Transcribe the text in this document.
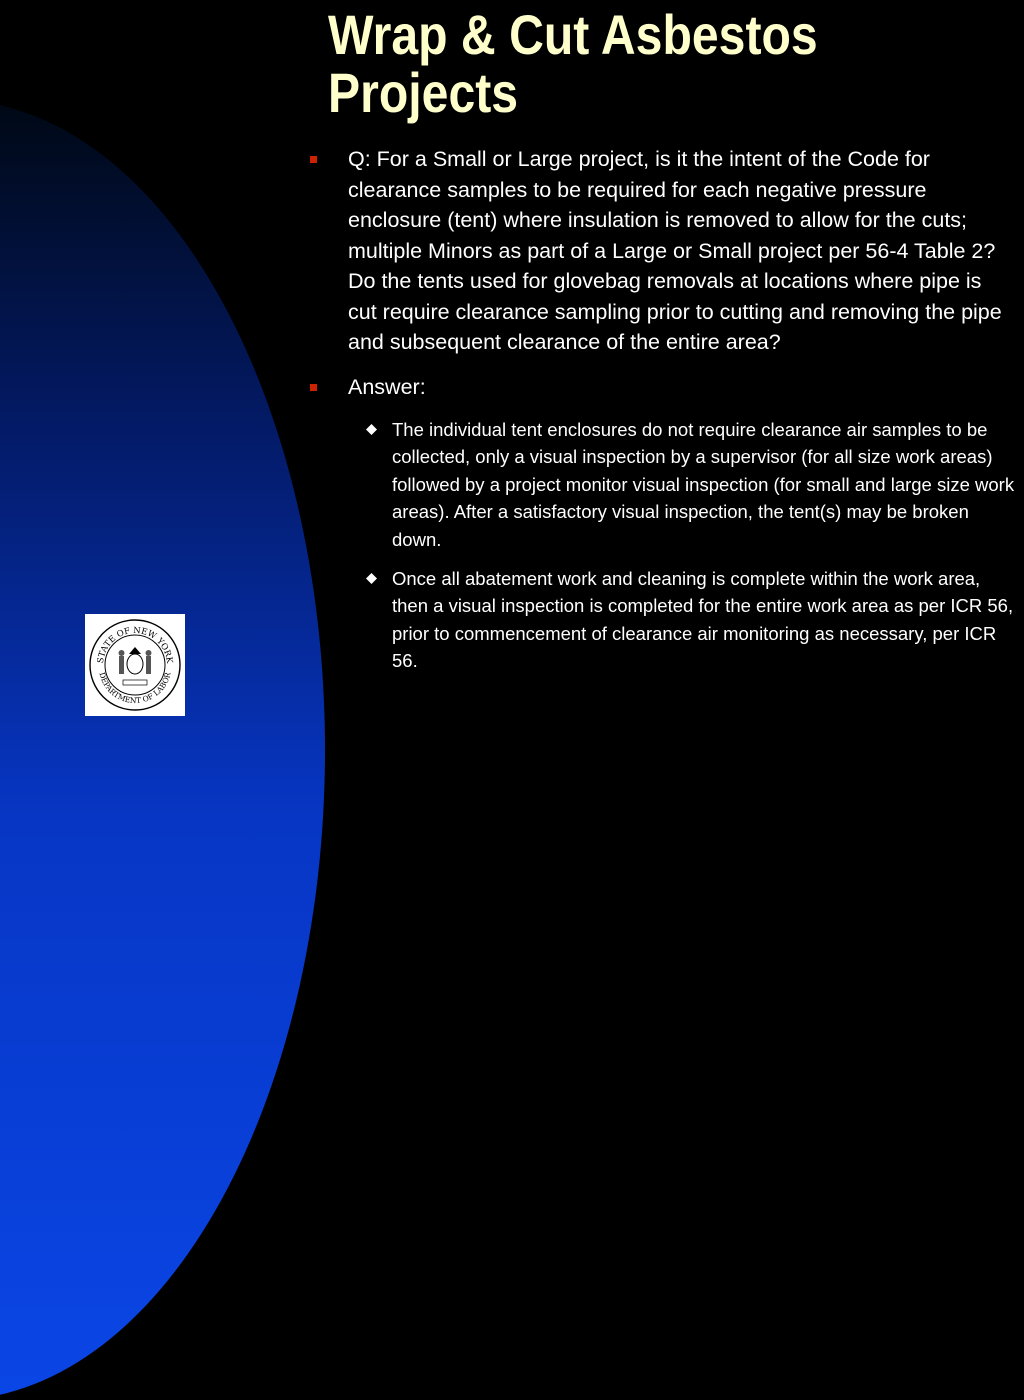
Wrap & Cut Asbestos
Projects
Q: For a Small or Large project, is it the intent of the Code for clearance samples to be required for each negative pressure enclosure (tent) where insulation is removed to allow for the cuts; multiple Minors as part of a Large or Small project per 56-4 Table 2? Do the tents used for glovebag removals at locations where pipe is cut require clearance sampling prior to cutting and removing the pipe and subsequent clearance of the entire area?
Answer:
The individual tent enclosures do not require clearance air samples to be collected, only a visual inspection by a supervisor (for all size work areas) followed by a project monitor visual inspection (for small and large size work areas). After a satisfactory visual inspection, the tent(s) may be broken down.
Once all abatement work and cleaning is complete within the work area, then a visual inspection is completed for the entire work area as per ICR 56, prior to commencement of clearance air monitoring as necessary, per ICR 56.
STATE OF NEW YORK
DEPARTMENT OF LABOR
